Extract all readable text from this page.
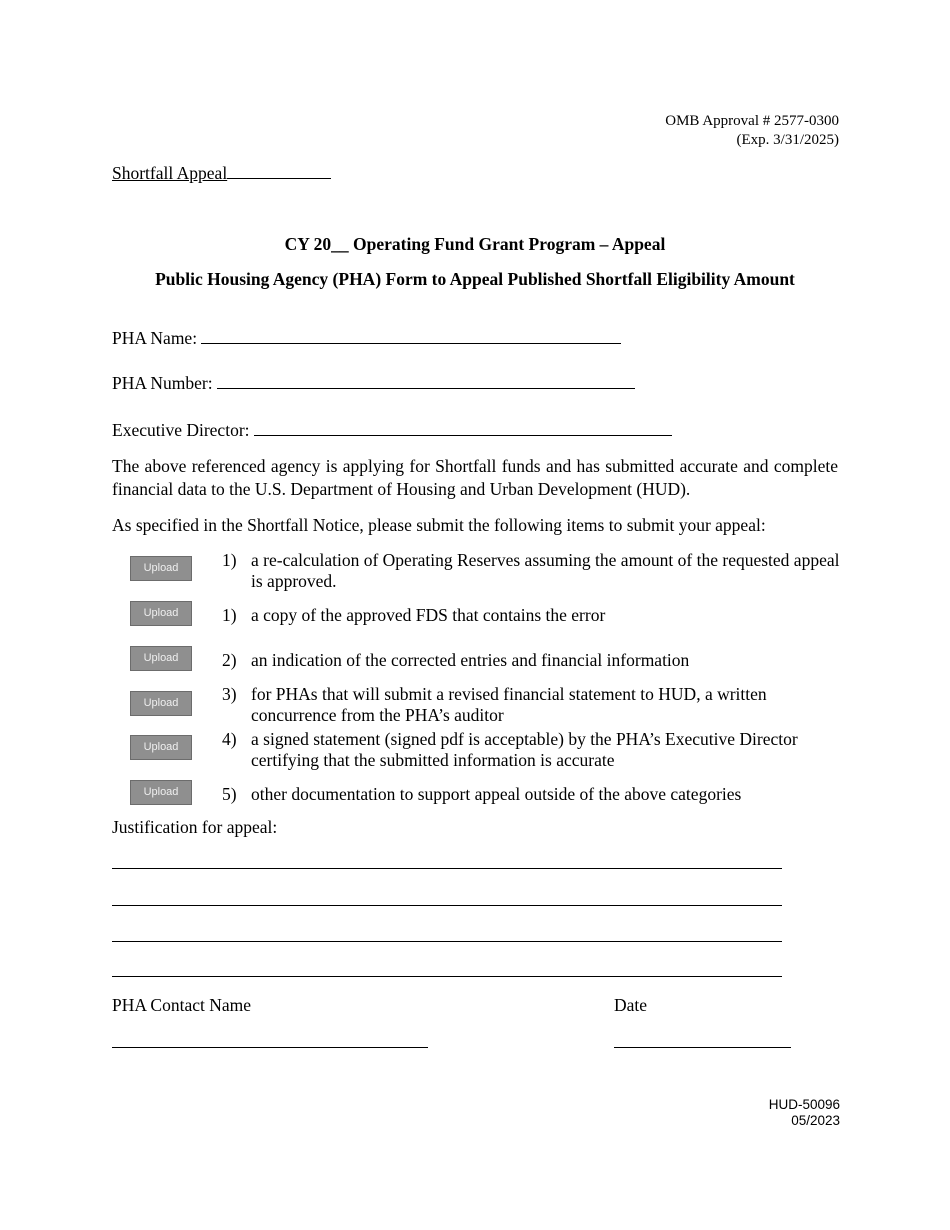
OMB Approval # 2577-0300
(Exp. 3/31/2025)
Shortfall Appeal
CY 20__ Operating Fund Grant Program – Appeal
Public Housing Agency (PHA) Form to Appeal Published Shortfall Eligibility Amount
PHA Name:
PHA Number:
Executive Director:
The above referenced agency is applying for Shortfall funds and has submitted accurate and complete financial data to the U.S. Department of Housing and Urban Development (HUD).
As specified in the Shortfall Notice, please submit the following items to submit your appeal:
Upload
Upload
Upload
Upload
Upload
Upload
1) a re-calculation of Operating Reserves assuming the amount of the requested appeal is approved.
1) a copy of the approved FDS that contains the error
2) an indication of the corrected entries and financial information
3) for PHAs that will submit a revised financial statement to HUD, a written concurrence from the PHA’s auditor
4) a signed statement (signed pdf is acceptable) by the PHA’s Executive Director certifying that the submitted information is accurate
5) other documentation to support appeal outside of the above categories
Justification for appeal:
PHA Contact Name	Date
HUD-50096
05/2023
